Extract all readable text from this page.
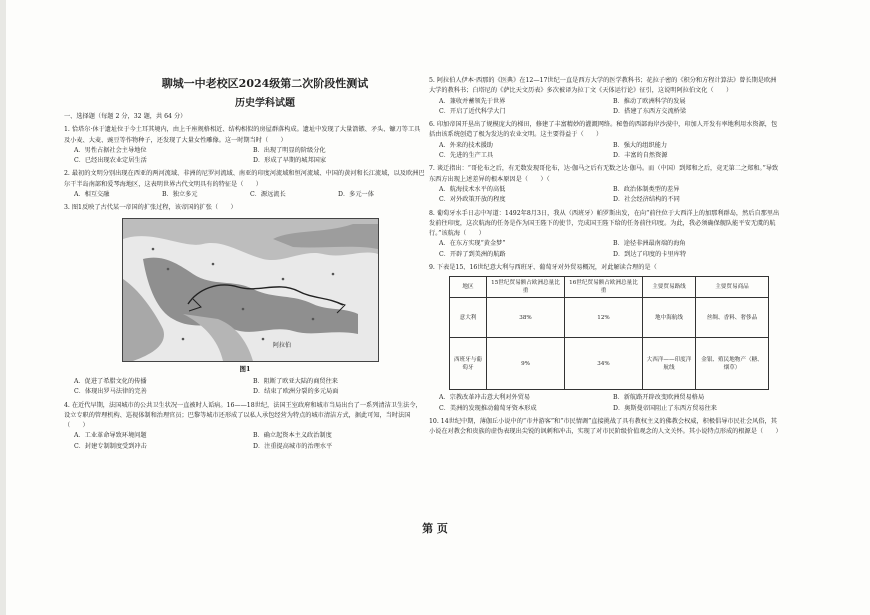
聊城一中老校区2024级第二次阶段性测试
历史学科试题
一、选择题（每题 2 分，32 题，共 64 分）
1. 恰塔尔·休于遗址位于今土耳其境内，由上千座规格相近、结构相似的房屋群落构成。遗址中发现了大量箭镞、矛头、镰刀等工具及小麦、大麦、豌豆等作物种子，还发现了大量女性雕像。这一时期当时（　　）
A．男性占据社会主导地位	B．出现了明显的阶级分化
C．已经出现农业定居生活	D．形成了早期的城邦国家
2. 最初的文明分别出现在西亚的两河流域、非洲的尼罗河流域、南亚的印度河流域和恒河流域、中国的黄河和长江流域，以及欧洲巴尔干半岛南部和爱琴海地区，这表明世界古代文明具有的特征是（　　）
A．相互交融	B．独立多元	C．源远流长	D．多元一体
3. 图1反映了古代某一帝国的扩张过程，该帝国的扩张（　　）
阿拉伯
图1
A．促进了希腊文化的传播	B．阻断了欧亚大陆的商贸往来
C．体现出罗马法律的完善	D．结束了欧洲分裂的多元局面
4. 在近代早期，法国城市的公共卫生状况一直被时人诟病。16——18世纪，法国王室政府和城市当局出台了一系列清洁卫生法令，设立专职的管理机构、巡视体制和治理官员；巴黎等城市还形成了以私人承包经营为特点的城市清洁方式，据此可知，当时法国（　　）
A．工业革命导致环境问题	B．确立起资本主义政治制度
C．封建专制制度受到冲击	D．注重提高城市的治理水平
5. 阿拉伯人伊本·西那的《医典》在12—17世纪一直是西方大学的医学教科书；花拉子密的《积分和方程计算法》曾长期是欧洲大学的教科书；白塔尼的《萨比天文历表》多次被译为拉丁文《天体运行论》征引，这说明阿拉伯文化（　　）
A．兼收并蓄领先于世界	B．推动了欧洲科学的发展
C．开启了近代科学大门	D．搭建了东西方交流桥梁
6. 印加帝国开垦出了规模庞大的梯田，修建了丰富精妙的灌溉网络。秘鲁的西部海岸沙漠中，印加人开发有率地利用水资源，包括由该系统创造了极为发达的农业文明。这主要得益于（　　）
A．外来的技术援助	B．强大的组织能力
C．先进的生产工具	D．丰富的自然资源
7. 谈迁指出：“哥伦布之后，有无数发现哥伦布，达·伽马之后有无数之达·伽马。而（中国）到郑和之后，竟无第二之郑和。”导致东西方出现上述差异的根本原因是（　　）（
A．航海技术水平的高低	B．政治体制类型的差异
C．对外政策开放的程度	D．社会经济结构的不同
8. 葡萄牙水手日志中写道：1492年8月3日，我从（西班牙）帕罗斯出发，在向“前往位于大西洋上的加那利群岛，然后自那里出发前往印度，这次航海的任务是作为国王陛下的使节，完成国王陛下给的任务前往印度。为此，我必须确保舰队能平安无虞的航行。”该航海（　　）
A．在东方实现“黄金梦”	B．途径非洲最南端的海角
C．开辟了到美洲的航路	D．到达了印度的卡里库特
9. 下表是15、16世纪意大利与西班牙、葡萄牙对外贸易概况，对此解读合理的是（
地区	15世纪贸易额占欧洲总量比重	16世纪贸易额占欧洲总量比重	主要贸易路线	主要贸易商品
意大利	38%	12%	地中海航线	丝绸、香料、奢侈品
西班牙与葡萄牙	9%	34%	大西洋——印度洋航线	金银、殖民地物产（糖、烟草）
A．宗教改革冲击意大利对外贸易	B．新航路开辟改变欧洲贸易格局
C．美洲的发现推动葡萄牙资本形成	D．奥斯曼帝国阻止了东西方贸易往来
10. 14世纪中期，薄伽丘小说中的“市井游客”和“市民情调”直接挑战了具有教权主义的佛教会权威，积极倡导市民社会风俗，其小说在对教会和贵族的虚伪表现出尖锐的讽刺和冲击，实现了对市民阶级价值观念的人文关怀。其小说特点形成的根源是（　　）
第 页
